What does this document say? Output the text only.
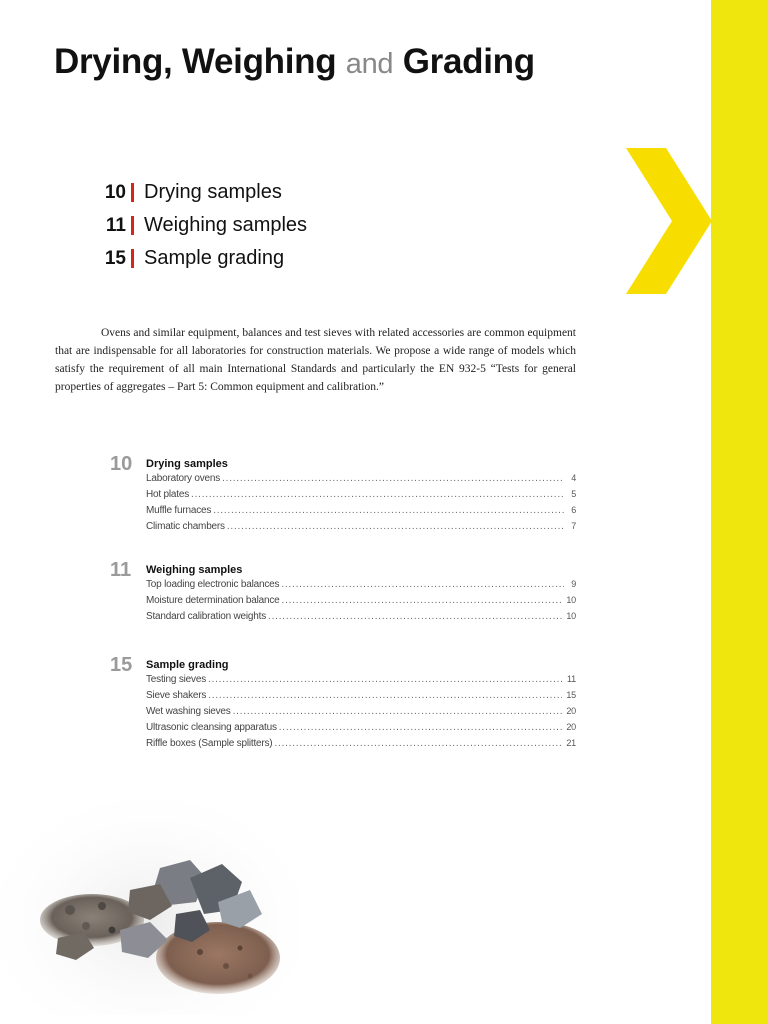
Drying, Weighing and Grading
10 Drying samples
11 Weighing samples
15 Sample grading

Ovens and similar equipment, balances and test sieves with related accessories are common equipment that are indispensable for all laboratories for construction materials. We propose a wide range of models which satisfy the requirement of all main International Standards and particularly the EN 932-5 “Tests for general properties of aggregates – Part 5: Common equipment and calibration.”

10	Drying samples
Laboratory ovens . . .	4
Hot plates . . .	5
Muffle furnaces . . .	6
Climatic chambers . . .	7
11	Weighing samples
Top loading electronic balances . . .	9
Moisture determination balance . . .	10
Standard calibration weights . . .	10
15	Sample grading
Testing sieves . . .	11
Sieve shakers . . .	15
Wet washing sieves . . .	20
Ultrasonic cleansing apparatus . . .	20
Riffle boxes (Sample splitters) . . .	21
